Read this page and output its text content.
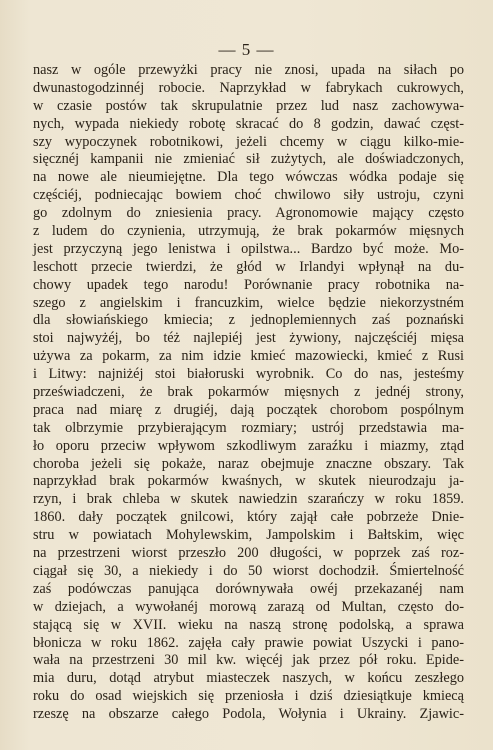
— 5 —
nasz w ogóle przewyżki pracy nie znosi, upada na siłach po
dwunastogodzinnéj robocie. Naprzykład w fabrykach cukrowych,
w czasie postów tak skrupulatnie przez lud nasz zachowywa-
nych, wypada niekiedy robotę skracać do 8 godzin, dawać częst-
szy wypoczynek robotnikowi, jeżeli chcemy w ciągu kilko-mie-
sięcznéj kampanii nie zmieniać sił zużytych, ale doświadczonych,
na nowe ale nieumiejętne. Dla tego wówczas wódka podaje się
częściéj, podniecając bowiem choć chwilowo siły ustroju, czyni
go zdolnym do zniesienia pracy. Agronomowie mający często
z ludem do czynienia, utrzymują, że brak pokarmów mięsnych
jest przyczyną jego lenistwa i opilstwa... Bardzo być może. Mo-
leschott przecie twierdzi, że głód w Irlandyi wpłynął na du-
chowy upadek tego narodu! Porównanie pracy robotnika na-
szego z angielskim i francuzkim, wielce będzie niekorzystném
dla słowiańskiego kmiecia; z jednoplemiennych zaś poznański
stoi najwyżéj, bo téż najlepiéj jest żywiony, najczęściéj mięsa
używa za pokarm, za nim idzie kmieć mazowiecki, kmieć z Rusi
i Litwy: najniżéj stoi białoruski wyrobnik. Co do nas, jesteśmy
przeświadczeni, że brak pokarmów mięsnych z jednéj strony,
praca nad miarę z drugiéj, dają początek chorobom pospólnym
tak olbrzymie przybierającym rozmiary; ustrój przedstawia ma-
ło oporu przeciw wpływom szkodliwym zaraźku i miazmy, ztąd
choroba jeżeli się pokaże, naraz obejmuje znaczne obszary. Tak
naprzykład brak pokarmów kwaśnych, w skutek nieurodzaju ja-
rzyn, i brak chleba w skutek nawiedzin szarańczy w roku 1859.
1860. dały początek gnilcowi, który zajął całe pobrzeże Dnie-
stru w powiatach Mohylewskim, Jampolskim i Bałtskim, więc
na przestrzeni wiorst przeszło 200 długości, w poprzek zaś roz-
ciągał się 30, a niekiedy i do 50 wiorst dochodził. Śmiertelność
zaś podówczas panująca dorównywała owéj przekazanéj nam
w dziejach, a wywołanéj morową zarazą od Multan, często do-
stającą się w XVII. wieku na naszą stronę podolską, a sprawa
błonicza w roku 1862. zajęła cały prawie powiat Uszycki i pano-
wała na przestrzeni 30 mil kw. więcéj jak przez pół roku. Epide-
mia duru, dotąd atrybut miasteczek naszych, w końcu zeszłego
roku do osad wiejskich się przeniosła i dziś dziesiątkuje kmiecą
rzeszę na obszarze całego Podola, Wołynia i Ukrainy. Zjawic-
